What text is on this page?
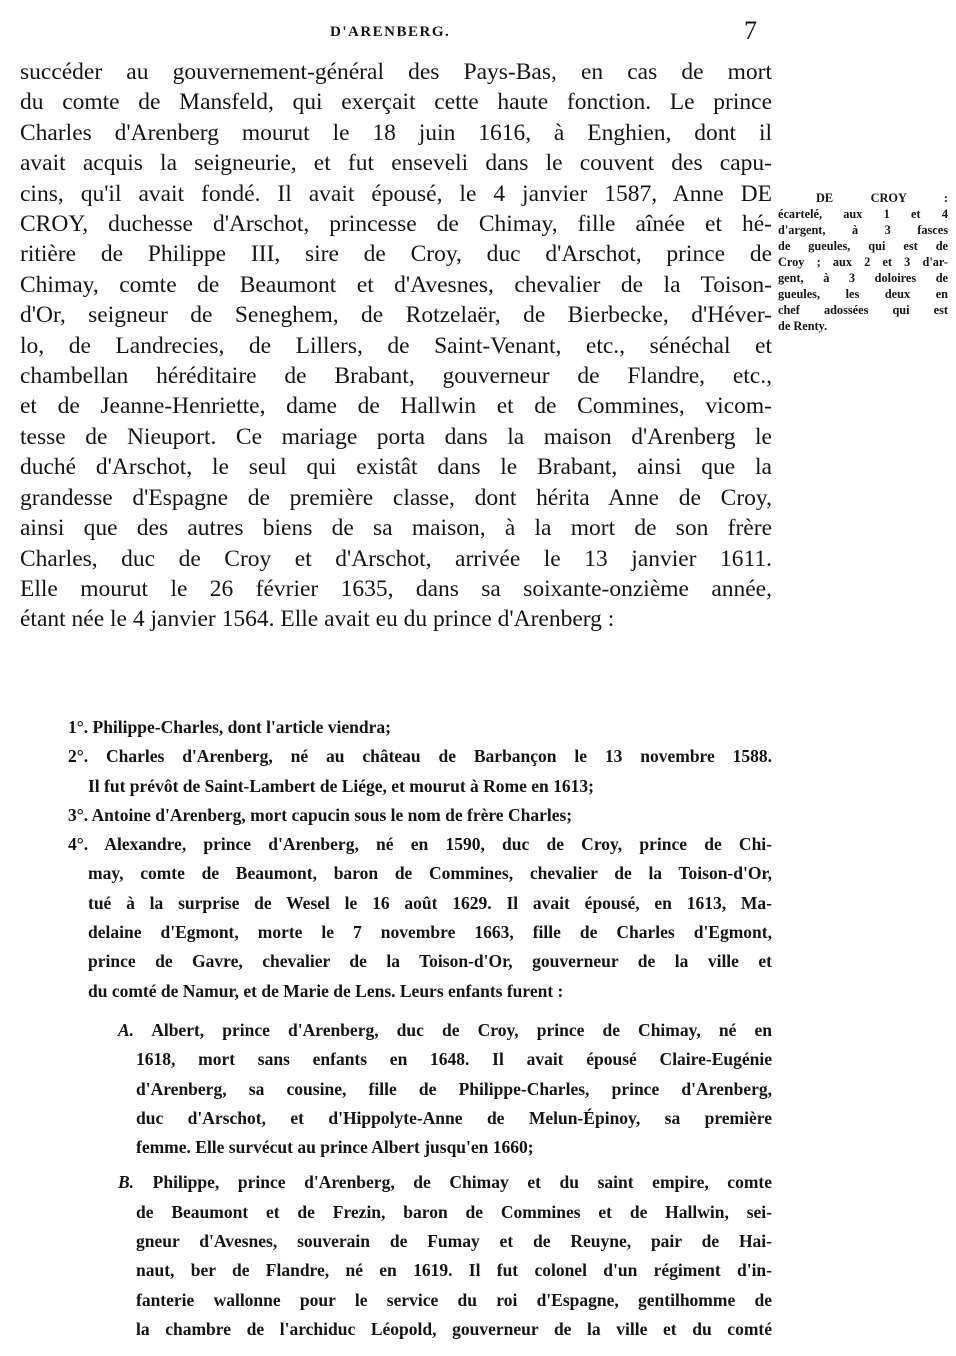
D'ARENBERG.	7
succéder au gouvernement-général des Pays-Bas, en cas de mort
du comte de Mansfeld, qui exerçait cette haute fonction. Le prince
Charles d'Arenberg mourut le 18 juin 1616, à Enghien, dont il
avait acquis la seigneurie, et fut enseveli dans le couvent des capu-
cins, qu'il avait fondé. Il avait épousé, le 4 janvier 1587, Anne DE
CROY, duchesse d'Arschot, princesse de Chimay, fille aînée et hé-
ritière de Philippe III, sire de Croy, duc d'Arschot, prince de
Chimay, comte de Beaumont et d'Avesnes, chevalier de la Toison-
d'Or, seigneur de Seneghem, de Rotzelaër, de Bierbecke, d'Héver-
lo, de Landrecies, de Lillers, de Saint-Venant, etc., sénéchal et
chambellan héréditaire de Brabant, gouverneur de Flandre, etc.,
et de Jeanne-Henriette, dame de Hallwin et de Commines, vicom-
tesse de Nieuport. Ce mariage porta dans la maison d'Arenberg le
duché d'Arschot, le seul qui existât dans le Brabant, ainsi que la
grandesse d'Espagne de première classe, dont hérita Anne de Croy,
ainsi que des autres biens de sa maison, à la mort de son frère
Charles, duc de Croy et d'Arschot, arrivée le 13 janvier 1611.
Elle mourut le 26 février 1635, dans sa soixante-onzième année,
étant née le 4 janvier 1564. Elle avait eu du prince d'Arenberg :
DE CROY :
écartelé, aux 1 et 4
d'argent, à 3 fasces
de gueules, qui est de
Croy ; aux 2 et 3 d'ar-
gent, à 3 doloires de
gueules, les deux en
chef adossées qui est
de Renty.
1°. Philippe-Charles, dont l'article viendra;
2°. Charles d'Arenberg, né au château de Barbançon le 13 novembre 1588.
Il fut prévôt de Saint-Lambert de Liége, et mourut à Rome en 1613;
3°. Antoine d'Arenberg, mort capucin sous le nom de frère Charles;
4°. Alexandre, prince d'Arenberg, né en 1590, duc de Croy, prince de Chi-
may, comte de Beaumont, baron de Commines, chevalier de la Toison-d'Or,
tué à la surprise de Wesel le 16 août 1629. Il avait épousé, en 1613, Ma-
delaine d'Egmont, morte le 7 novembre 1663, fille de Charles d'Egmont,
prince de Gavre, chevalier de la Toison-d'Or, gouverneur de la ville et
du comté de Namur, et de Marie de Lens. Leurs enfants furent :
A. Albert, prince d'Arenberg, duc de Croy, prince de Chimay, né en
1618, mort sans enfants en 1648. Il avait épousé Claire-Eugénie
d'Arenberg, sa cousine, fille de Philippe-Charles, prince d'Arenberg,
duc d'Arschot, et d'Hippolyte-Anne de Melun-Épinoy, sa première
femme. Elle survécut au prince Albert jusqu'en 1660;
B. Philippe, prince d'Arenberg, de Chimay et du saint empire, comte
de Beaumont et de Frezin, baron de Commines et de Hallwin, sei-
gneur d'Avesnes, souverain de Fumay et de Reuyne, pair de Hai-
naut, ber de Flandre, né en 1619. Il fut colonel d'un régiment d'in-
fanterie wallonne pour le service du roi d'Espagne, gentilhomme de
la chambre de l'archiduc Léopold, gouverneur de la ville et du comté
